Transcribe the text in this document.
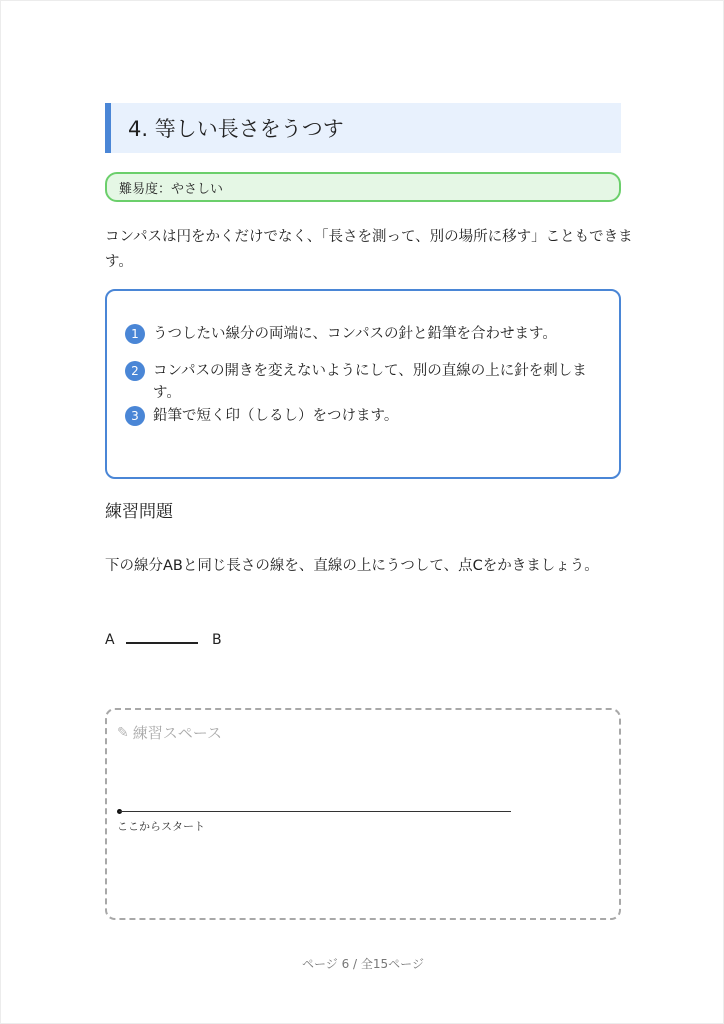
4. 等しい長さをうつす
難易度：やさしい
コンパスは円をかくだけでなく、「長さを測って、別の場所に移す」こともできます。
1 うつしたい線分の両端に、コンパスの針と鉛筆を合わせます。
2 コンパスの開きを変えないようにして、別の直線の上に針を刺します。
3 鉛筆で短く印（しるし）をつけます。
練習問題
下の線分ABと同じ長さの線を、直線の上にうつして、点Cをかきましょう。
A	B
✎ 練習スペース
ここからスタート
ページ 6 / 全15ページ
